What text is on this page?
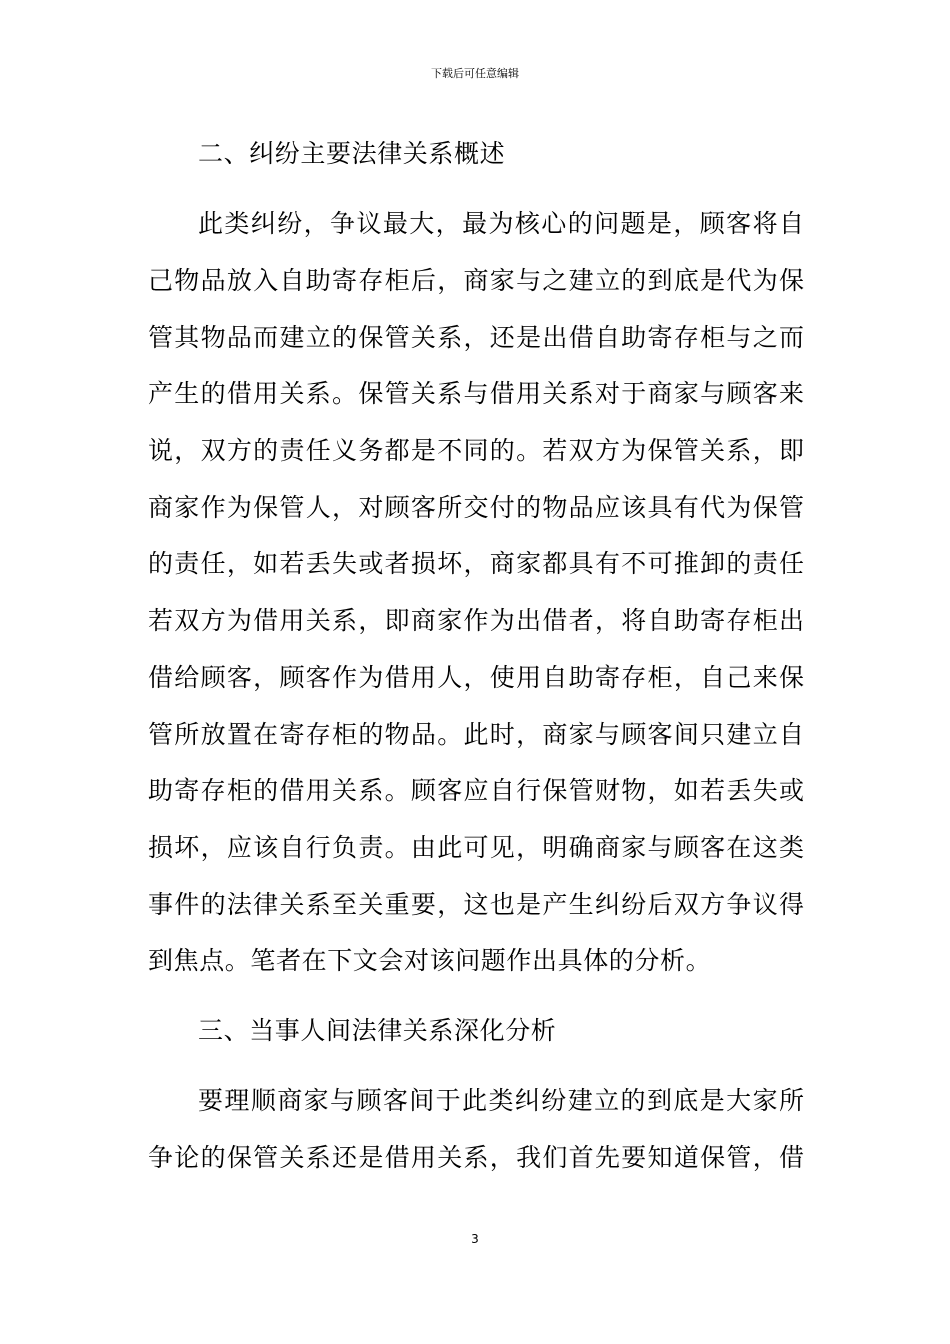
下载后可任意编辑
二、纠纷主要法律关系概述
此类纠纷，争议最大，最为核心的问题是，顾客将自
己物品放入自助寄存柜后，商家与之建立的到底是代为保
管其物品而建立的保管关系，还是出借自助寄存柜与之而
产生的借用关系。保管关系与借用关系对于商家与顾客来
说，双方的责任义务都是不同的。若双方为保管关系，即
商家作为保管人，对顾客所交付的物品应该具有代为保管
的责任，如若丢失或者损坏，商家都具有不可推卸的责任
若双方为借用关系，即商家作为出借者，将自助寄存柜出
借给顾客，顾客作为借用人，使用自助寄存柜，自己来保
管所放置在寄存柜的物品。此时，商家与顾客间只建立自
助寄存柜的借用关系。顾客应自行保管财物，如若丢失或
损坏，应该自行负责。由此可见，明确商家与顾客在这类
事件的法律关系至关重要，这也是产生纠纷后双方争议得
到焦点。笔者在下文会对该问题作出具体的分析。
三、当事人间法律关系深化分析
要理顺商家与顾客间于此类纠纷建立的到底是大家所
争论的保管关系还是借用关系，我们首先要知道保管，借
3
